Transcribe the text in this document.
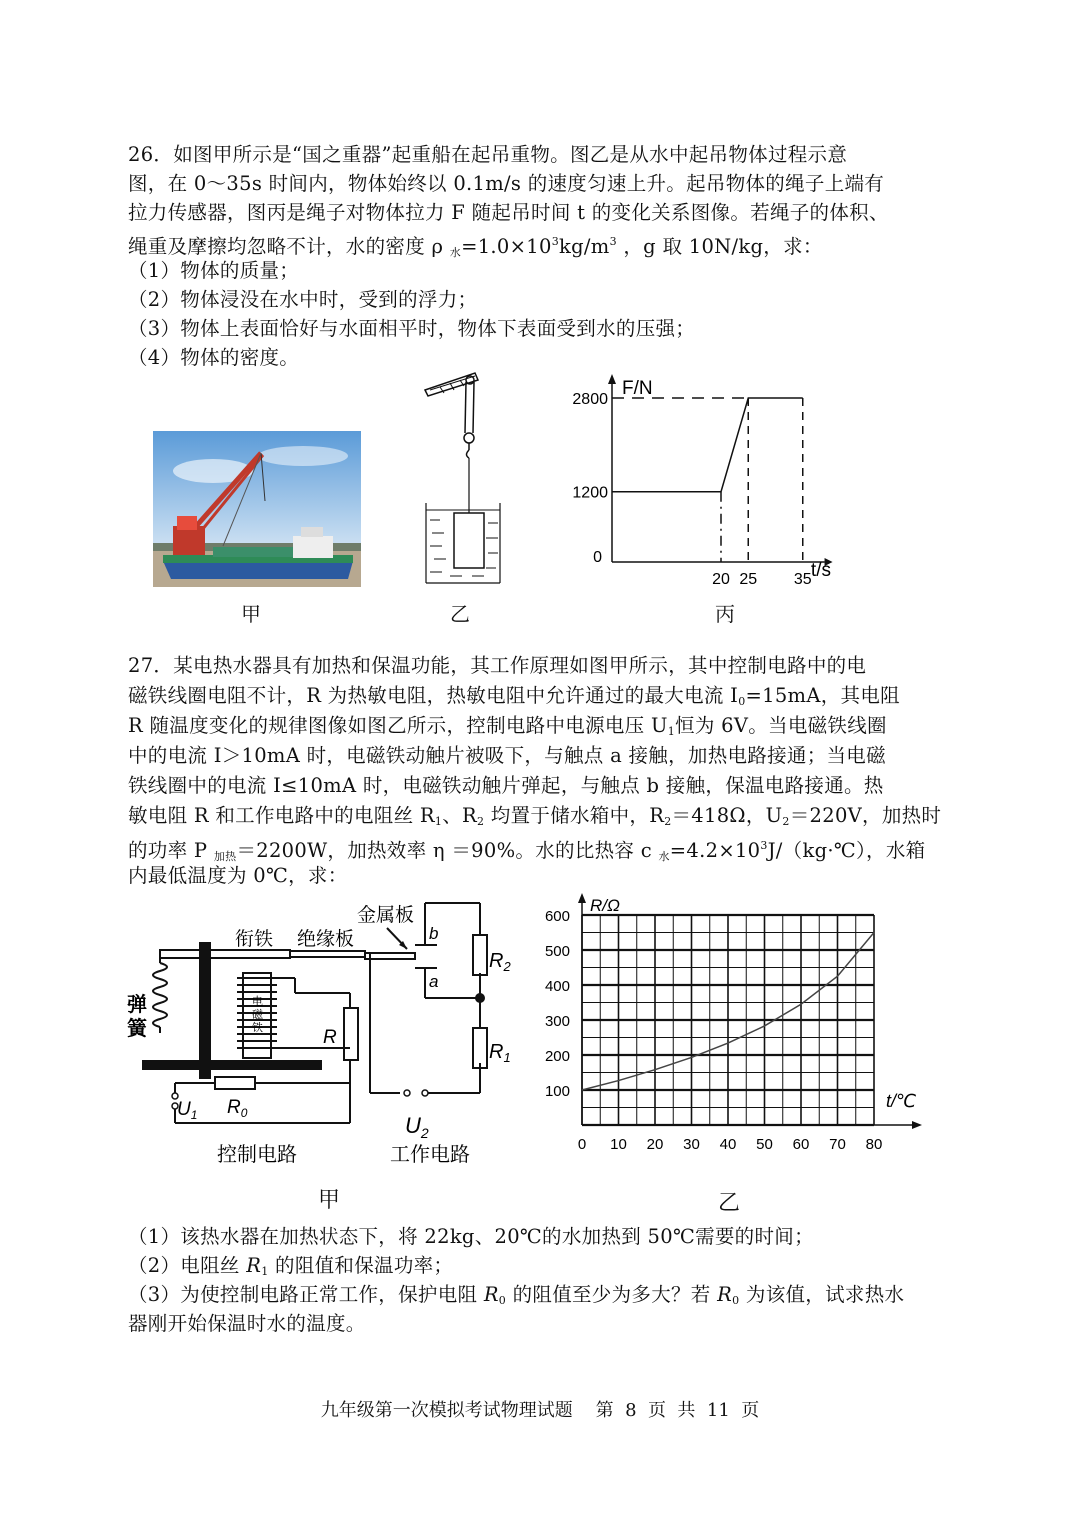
26．如图甲所示是“国之重器”起重船在起吊重物。图乙是从水中起吊物体过程示意
图，在 0～35s 时间内，物体始终以 0.1m/s 的速度匀速上升。起吊物体的绳子上端有
拉力传感器，图丙是绳子对物体拉力 F 随起吊时间 t 的变化关系图像。若绳子的体积、
绳重及摩擦均忽略不计，水的密度 ρ $_水=1.0\times 10^3kg/m^3$ ，g 取 10N/kg，求：
（1）物体的质量；
（2）物体浸没在水中时，受到的浮力；
（3）物体上表面恰好与水面相平时，物体下表面受到水的压强；
（4）物体的密度。
甲	乙
F/N
t/s
0
1200
2800
20 25 35
丙
27．某电热水器具有加热和保温功能，其工作原理如图甲所示，其中控制电路中的电
磁铁线圈电阻不计，R 为热敏电阻，热敏电阻中允许通过的最大电流 $I_0=15mA$，其电阻
R 随温度变化的规律图像如图乙所示，控制电路中电源电压 $U_1$恒为 6V。当电磁铁线圈
中的电流 I＞10mA 时，电磁铁动触片被吸下，与触点 a 接触，加热电路接通；当电磁
铁线圈中的电流 I≤10mA 时，电磁铁动触片弹起，与触点 b 接触，保温电路接通。热
敏电阻 R 和工作电路中的电阻丝 $R_1$、$R_2$ 均置于储水箱中，$R_2=418\Omega$，$U_2=220V$，加热时
的功率 P $_{加热}$＝2200W，加热效率 η ＝90%。水的比热容 c $_水=4.2\times 10^3J/(kg\cdot℃)$，水箱
内最低温度为 0℃，求：
衔铁 绝缘板
金属板
弹
簧
电
磁
铁	R
$R_0$
$U_1$	$U_2$
$R_2$
$R_1$
b
a
控制电路	工作电路
甲
R/Ω
t/℃
100
200
300
400
500
600
0 10 20 30 40 50 60 70 80
乙
（1）该热水器在加热状态下，将 22kg、20℃的水加热到 50℃需要的时间；
（2）电阻丝 $R_1$ 的阻值和保温功率；
（3）为使控制电路正常工作，保护电阻 $R_0$ 的阻值至少为多大？若 $R_0$ 为该值，试求热水
器刚开始保温时水的温度。
九年级第一次模拟考试物理试题    第  8  页  共  11  页
